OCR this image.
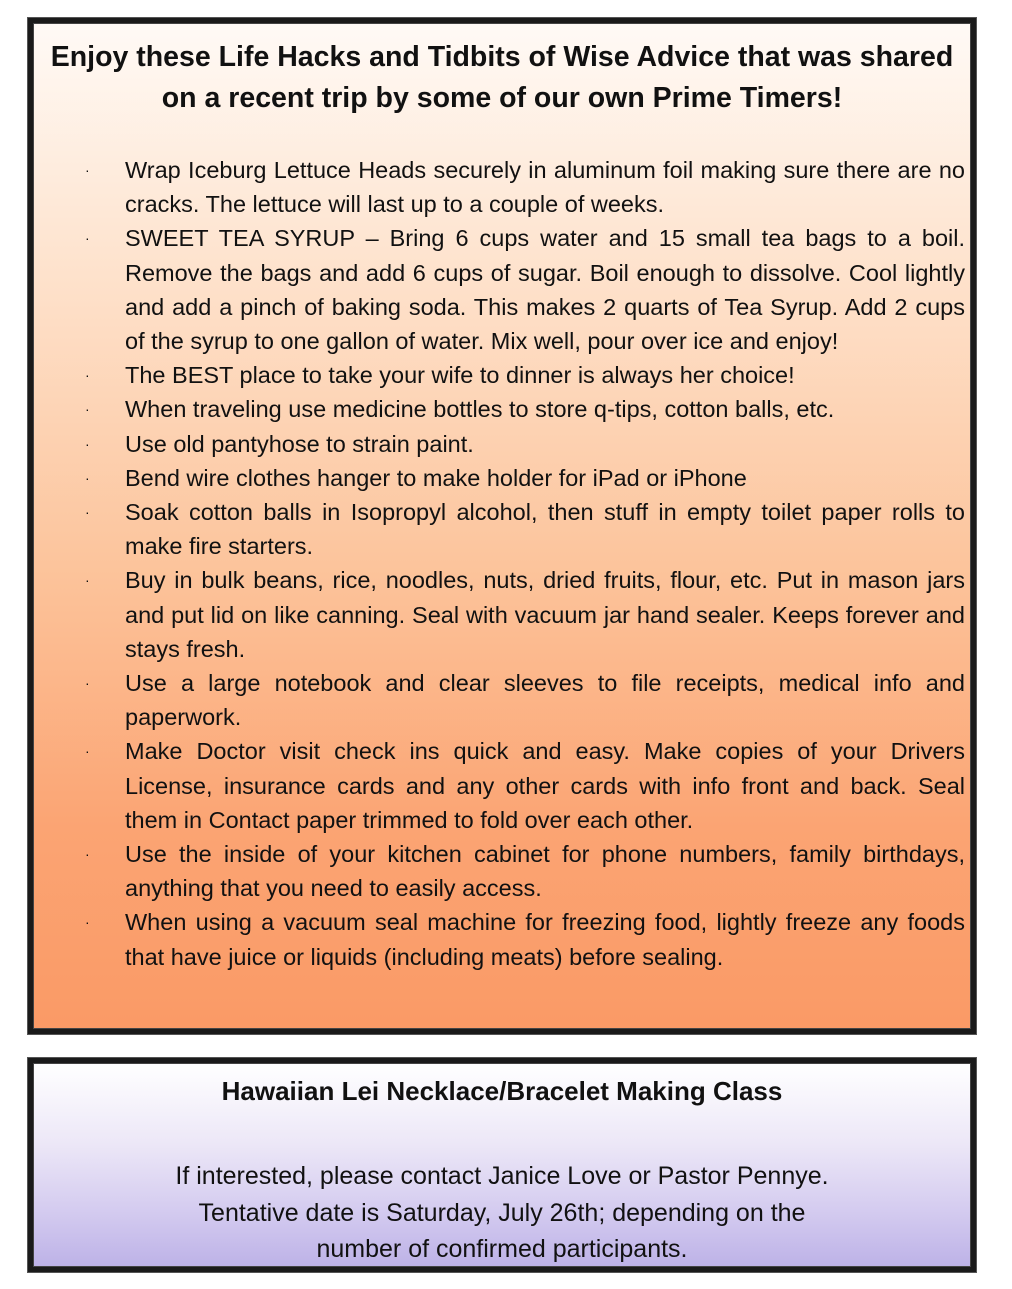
Enjoy these Life Hacks and Tidbits of Wise Advice that was shared on a recent trip by some of our own Prime Timers!
· Wrap Iceburg Lettuce Heads securely in aluminum foil making sure there are no cracks. The lettuce will last up to a couple of weeks.
· SWEET TEA SYRUP – Bring 6 cups water and 15 small tea bags to a boil. Remove the bags and add 6 cups of sugar. Boil enough to dissolve. Cool lightly and add a pinch of baking soda. This makes 2 quarts of Tea Syrup. Add 2 cups of the syrup to one gallon of water. Mix well, pour over ice and enjoy!
· The BEST place to take your wife to dinner is always her choice!
· When traveling use medicine bottles to store q-tips, cotton balls, etc.
· Use old pantyhose to strain paint.
· Bend wire clothes hanger to make holder for iPad or iPhone
· Soak cotton balls in Isopropyl alcohol, then stuff in empty toilet paper rolls to make fire starters.
· Buy in bulk beans, rice, noodles, nuts, dried fruits, flour, etc. Put in mason jars and put lid on like canning. Seal with vacuum jar hand sealer. Keeps forever and stays fresh.
· Use a large notebook and clear sleeves to file receipts, medical info and paperwork.
· Make Doctor visit check ins quick and easy. Make copies of your Drivers License, insurance cards and any other cards with info front and back. Seal them in Contact paper trimmed to fold over each other.
· Use the inside of your kitchen cabinet for phone numbers, family birthdays, anything that you need to easily access.
· When using a vacuum seal machine for freezing food, lightly freeze any foods that have juice or liquids (including meats) before sealing.
Hawaiian Lei Necklace/Bracelet Making Class

If interested, please contact Janice Love or Pastor Pennye.
Tentative date is Saturday, July 26th; depending on the
number of confirmed participants.
